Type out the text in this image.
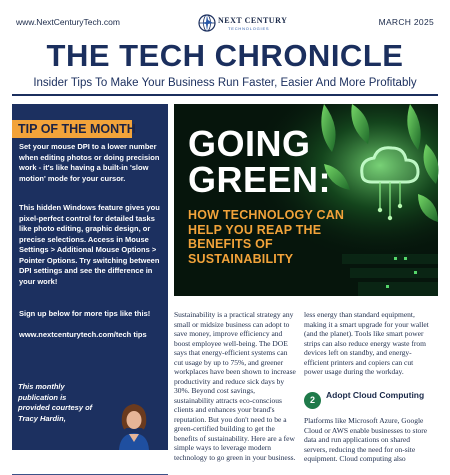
www.NextCenturyTech.com	NEXT CENTURY
TECHNOLOGIES
MARCH 2025
THE TECH CHRONICLE
Insider Tips To Make Your Business Run Faster, Easier And More Profitably
TIP OF THE MONTH

Set your mouse DPI to a lower number when editing photos or doing precision work - it's like having a built-in 'slow motion' mode for your cursor.

This hidden Windows feature gives you pixel-perfect control for detailed tasks like photo editing, graphic design, or precise selections. Access in Mouse Settings > Additional Mouse Options > Pointer Options. Try switching between DPI settings and see the difference in your work!

Sign up below for more tips like this!

www.nextcenturytech.com/tech tips

This monthly publication is provided courtesy of Tracy Hardin,

GOING GREEN:
HOW TECHNOLOGY CAN HELP YOU REAP THE BENEFITS OF SUSTAINABILITY

Sustainability is a practical strategy any small or midsize business can adopt to save money, improve efficiency and boost employee well-being. The DOE says that energy-efficient systems can cut usage by up to 75%, and greener workplaces have been shown to increase productivity and reduce sick days by 30%. Beyond cost savings, sustainability attracts eco-conscious clients and enhances your brand's reputation. But you don't need to be a green-certified building to get the benefits of sustainability. Here are a few simple ways to leverage modern technology to go green in your business.

less energy than standard equipment, making it a smart upgrade for your wallet (and the planet). Tools like smart power strips can also reduce energy waste from devices left on standby, and energy-efficient printers and copiers can cut power usage during the workday.

2	Adopt Cloud Computing

Platforms like Microsoft Azure, Google Cloud or AWS enable businesses to store data and run applications on shared servers, reducing the need for on-site equipment. Cloud computing also
